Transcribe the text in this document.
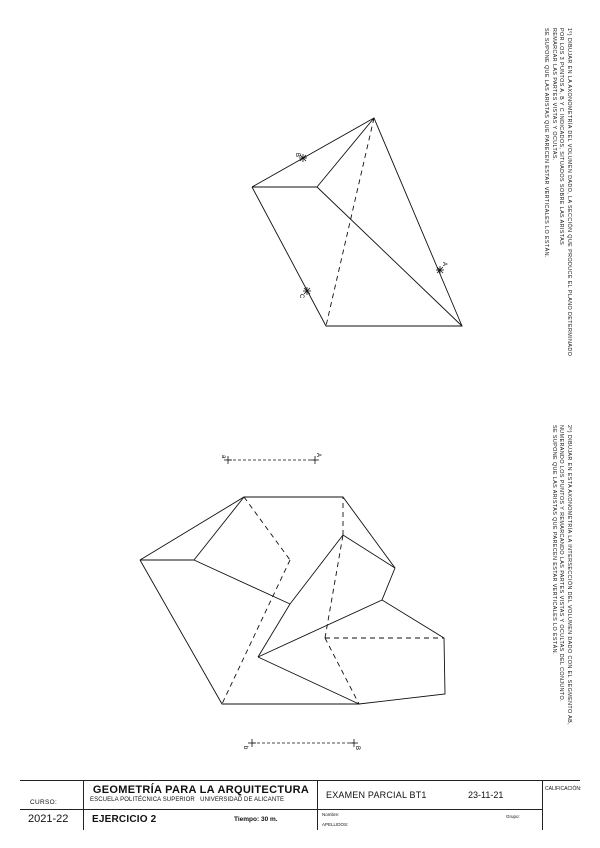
B
A
C
a	A
b	B
1º) DIBUJAR EN LA AXONOMETRÍA DEL VOLUMEN DADO, LA SECCIÓN QUE PRODUCE EL PLANO DETERMINADO
POR LOS 3 PUNTOS A, B Y C INDICADOS, SITUADOS SOBRE LAS ARISTAS
REMARCAR LAS PARTES VISTAS Y OCULTAS.
SE SUPONE QUE LAS ARISTAS QUE PARECEN ESTAR VERTICALES LO ESTÁN.
2º) DIBUJAR EN ESTA AXONOMETRÍA LA INTERSECCIÓN DEL VOLUMEN DADO CON EL SEGMENTO AB,
NUMERANDO LOS PUNTOS Y REMARCANDO LAS PARTES VISTAS Y OCULTAS DEL CONJUNTO.
SE SUPONE QUE LAS ARISTAS QUE PARECEN ESTAR VERTICALES LO ESTÁN.
CURSO:
2021-22
GEOMETRÍA PARA LA ARQUITECTURA
ESCUELA POLITÉCNICA SUPERIOR UNIVERSIDAD DE ALICANTE
EJERCICIO 2	Tiempo: 30 m.
EXAMEN PARCIAL BT1	23-11-21
Nombre:
APELLIDOS:
Grupo:
CALIFICACIÓN:
